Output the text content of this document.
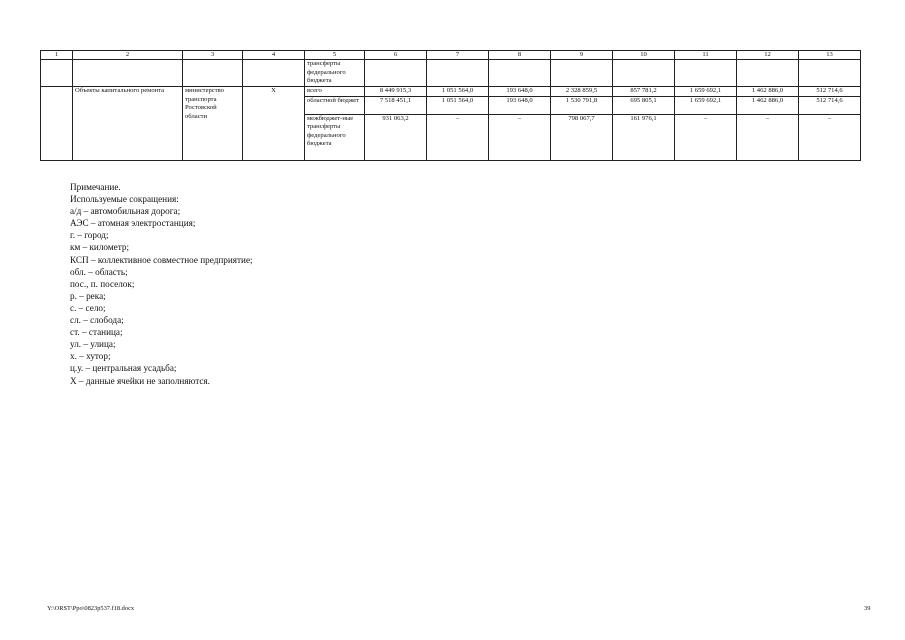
1	2	3	4	5	6	7	8	9	10	11	12	13
				трансферты федерального бюджета								
	Объекты капитального ремонта	министерство транспорта Ростовской области	Х	всего	8 449 915,3	1 051 564,0	193 648,0	2 328 859,5	857 781,2	1 659 692,1	1 462 886,0	512 714,6
				областной бюджет	7 518 451,1	1 051 564,0	193 648,0	1 530 791,8	695 805,1	1 659 692,1	1 462 886,0	512 714,6
				межбюджет-ные трансферты федерального бюджета	931 063,2	–	–	798 067,7	161 976,1	–	–	–
Примечание.
Используемые сокращения:
а/д – автомобильная дорога;
АЭС – атомная электростанция;
г. – город;
км – километр;
КСП – коллективное совместное предприятие;
обл. – область;
пос., п. поселок;
р. – река;
с. – село;
сл. – слобода;
ст. – станица;
ул. – улица;
х. – хутор;
ц.у. – центральная усадьба;
Х – данные ячейки не заполняются.
Y:\ORST\Ppo\0823p537.f18.docx	39
